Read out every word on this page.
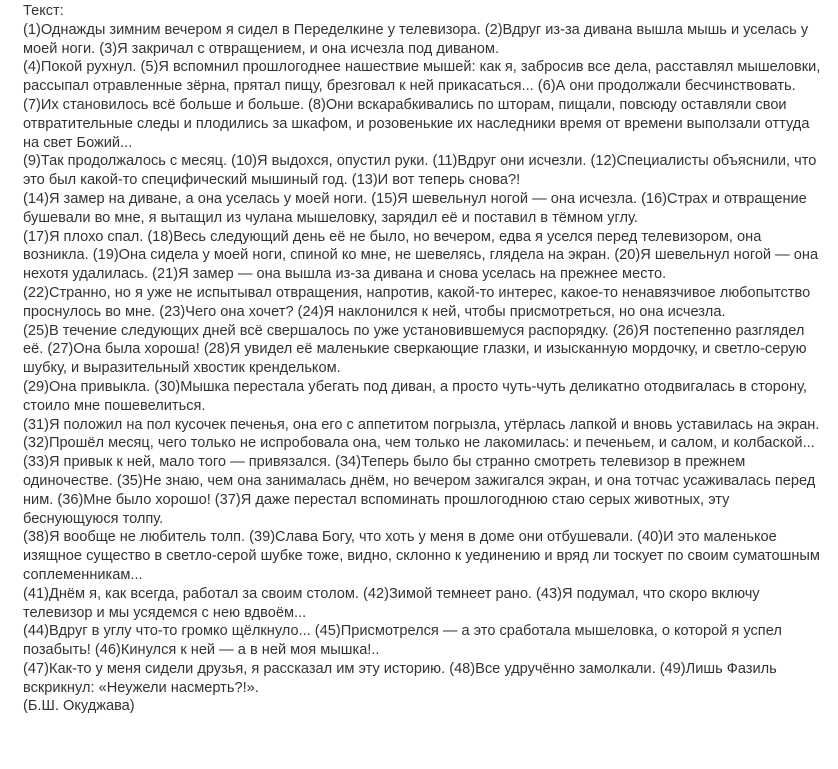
Текст:

(1)Однажды зимним вечером я сидел в Переделкине у телевизора. (2)Вдруг из-за дивана вышла мышь и уселась у моей ноги. (3)Я закричал с отвращением, и она исчезла под диваном.

(4)Покой рухнул. (5)Я вспомнил прошлогоднее нашествие мышей: как я, забросив все дела, расставлял мышеловки, рассыпал отравленные зёрна, прятал пищу, брезговал к ней прикасаться... (6)А они продолжали бесчинствовать. (7)Их становилось всё больше и больше. (8)Они вскарабкивались по шторам, пищали, повсюду оставляли свои отвратительные следы и плодились за шкафом, и розовенькие их наследники время от времени выползали оттуда на свет Божий...

(9)Так продолжалось с месяц. (10)Я выдохся, опустил руки. (11)Вдруг они исчезли. (12)Специалисты объяснили, что это был какой-то специфический мышиный год. (13)И вот теперь снова?!

(14)Я замер на диване, а она уселась у моей ноги. (15)Я шевельнул ногой — она исчезла. (16)Страх и отвращение бушевали во мне, я вытащил из чулана мышеловку, зарядил её и поставил в тёмном углу.

(17)Я плохо спал. (18)Весь следующий день её не было, но вечером, едва я уселся перед телевизором, она возникла. (19)Она сидела у моей ноги, спиной ко мне, не шевелясь, глядела на экран. (20)Я шевельнул ногой — она нехотя удалилась. (21)Я замер — она вышла из-за дивана и снова уселась на прежнее место.

(22)Странно, но я уже не испытывал отвращения, напротив, какой-то интерес, какое-то ненавязчивое любопытство проснулось во мне. (23)Чего она хочет? (24)Я наклонился к ней, чтобы присмотреться, но она исчезла.

(25)В течение следующих дней всё свершалось по уже установившемуся распорядку. (26)Я постепенно разглядел её. (27)Она была хороша! (28)Я увидел её маленькие сверкающие глазки, и изысканную мордочку, и светло-серую шубку, и выразительный хвостик крендельком.

(29)Она привыкла. (30)Мышка перестала убегать под диван, а просто чуть-чуть деликатно отодвигалась в сторону, стоило мне пошевелиться.

(31)Я положил на пол кусочек печенья, она его с аппетитом погрызла, утёрлась лапкой и вновь уставилась на экран.

(32)Прошёл месяц, чего только не испробовала она, чем только не лакомилась: и печеньем, и салом, и колбаской... (33)Я привык к ней, мало того — привязался. (34)Теперь было бы странно смотреть телевизор в прежнем одиночестве. (35)Не знаю, чем она занималась днём, но вечером зажигался экран, и она тотчас усаживалась перед ним. (36)Мне было хорошо! (37)Я даже перестал вспоминать прошлогоднюю стаю серых животных, эту беснующуюся толпу.

(38)Я вообще не любитель толп. (39)Слава Богу, что хоть у меня в доме они отбушевали. (40)И это маленькое изящное существо в светло-серой шубке тоже, видно, склонно к уединению и вряд ли тоскует по своим суматошным соплеменникам...

(41)Днём я, как всегда, работал за своим столом. (42)Зимой темнеет рано. (43)Я подумал, что скоро включу телевизор и мы усядемся с нею вдвоём...

(44)Вдруг в углу что-то громко щёлкнуло... (45)Присмотрелся — а это сработала мышеловка, о которой я успел позабыть! (46)Кинулся к ней — а в ней моя мышка!..

(47)Как-то у меня сидели друзья, я рассказал им эту историю. (48)Все удручённо замолкали. (49)Лишь Фазиль вскрикнул: «Неужели насмерть?!».

(Б.Ш. Окуджава)
